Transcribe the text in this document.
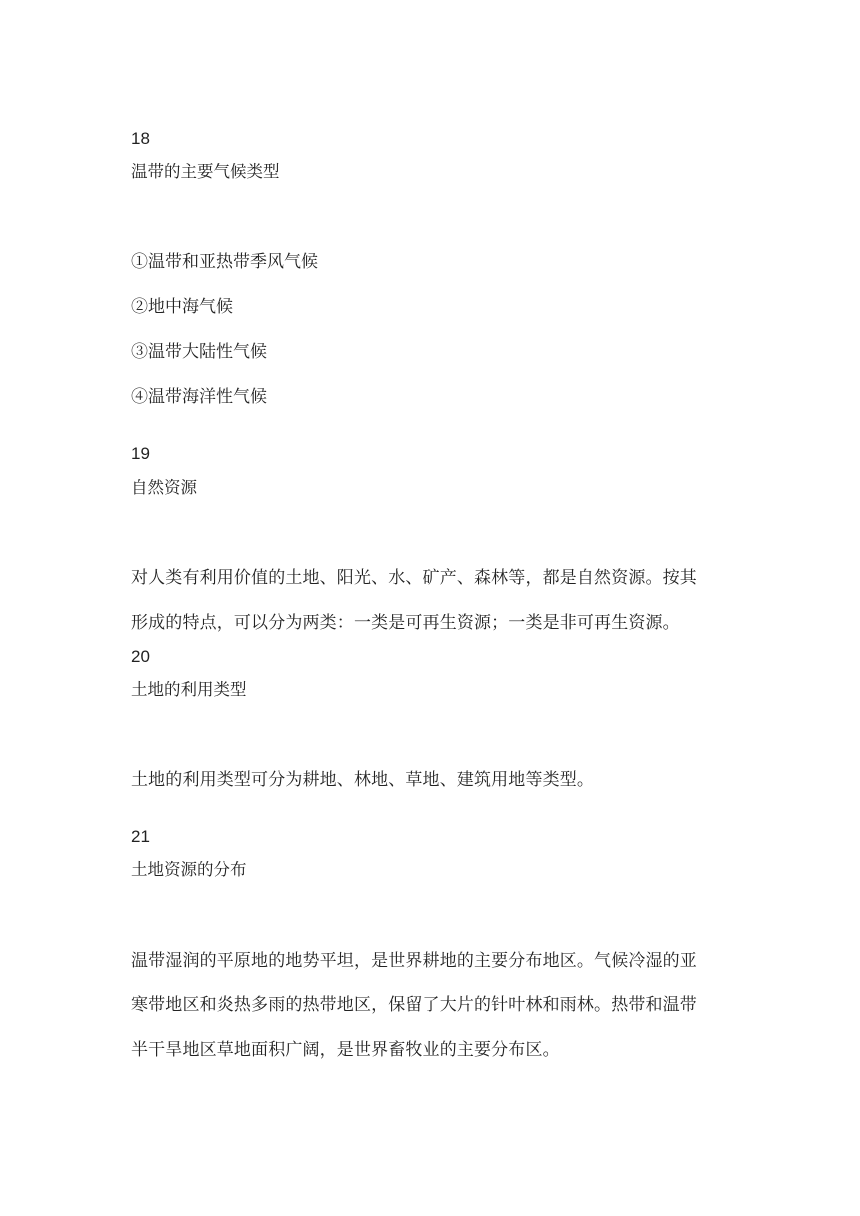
18
温带的主要气候类型
①温带和亚热带季风气候
②地中海气候
③温带大陆性气候
④温带海洋性气候
19
自然资源
对人类有利用价值的土地、阳光、水、矿产、森林等，都是自然资源。按其
形成的特点，可以分为两类：一类是可再生资源；一类是非可再生资源。
20
土地的利用类型
土地的利用类型可分为耕地、林地、草地、建筑用地等类型。
21
土地资源的分布
温带湿润的平原地的地势平坦，是世界耕地的主要分布地区。气候冷湿的亚
寒带地区和炎热多雨的热带地区，保留了大片的针叶林和雨林。热带和温带
半干旱地区草地面积广阔，是世界畜牧业的主要分布区。
